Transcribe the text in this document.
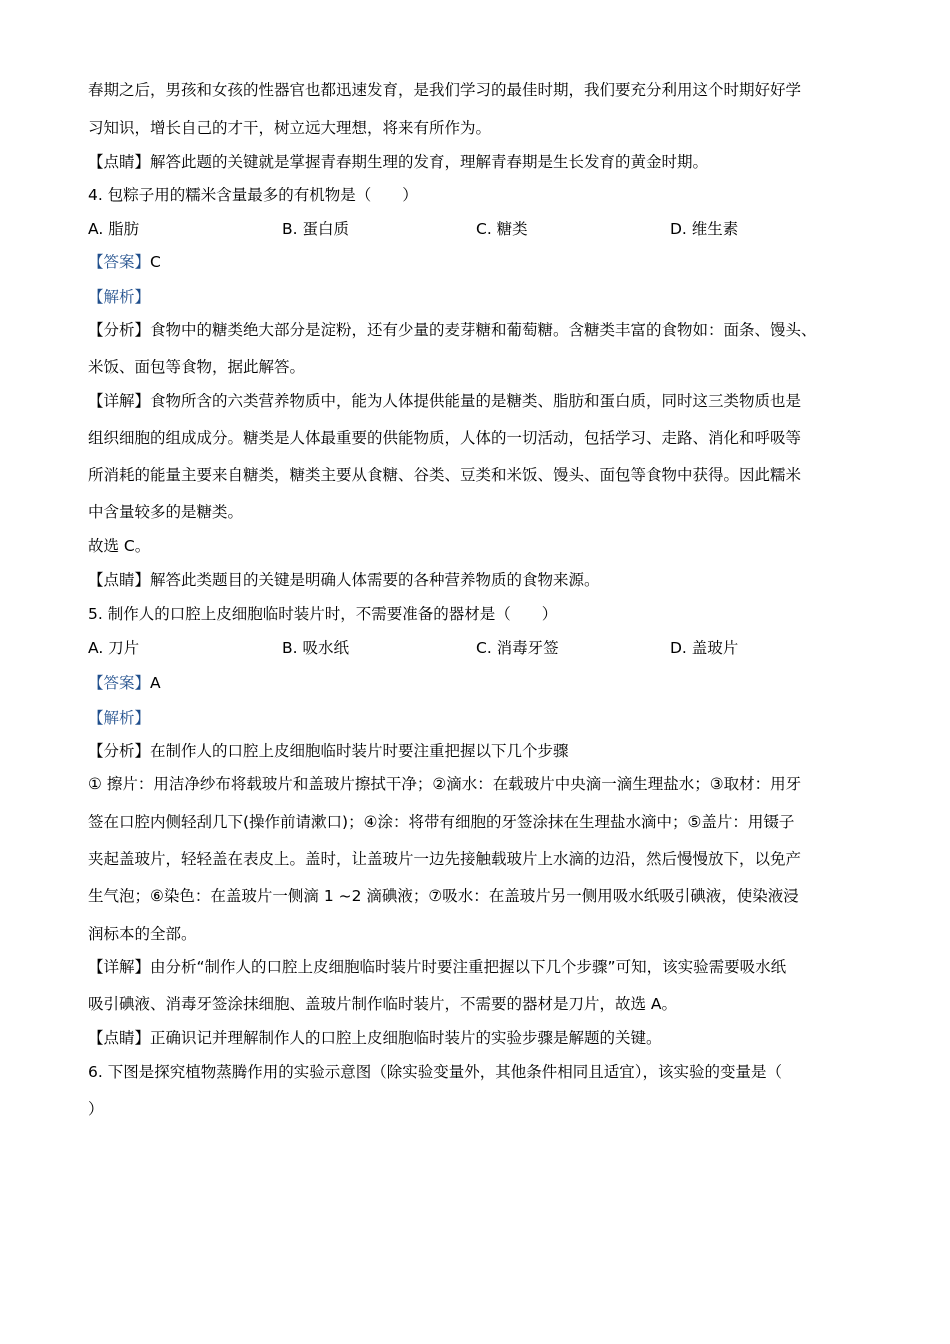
春期之后，男孩和女孩的性器官也都迅速发育，是我们学习的最佳时期，我们要充分利用这个时期好好学
习知识，增长自己的才干，树立远大理想，将来有所作为。
【点睛】解答此题的关键就是掌握青春期生理的发育，理解青春期是生长发育的黄金时期。
4. 包粽子用的糯米含量最多的有机物是（　　）
A. 脂肪	B. 蛋白质	C. 糖类	D. 维生素
【答案】C
【解析】
【分析】食物中的糖类绝大部分是淀粉，还有少量的麦芽糖和葡萄糖。含糖类丰富的食物如：面条、馒头、
米饭、面包等食物，据此解答。
【详解】食物所含的六类营养物质中，能为人体提供能量的是糖类、脂肪和蛋白质，同时这三类物质也是
组织细胞的组成成分。糖类是人体最重要的供能物质，人体的一切活动，包括学习、走路、消化和呼吸等
所消耗的能量主要来自糖类，糖类主要从食糖、谷类、豆类和米饭、馒头、面包等食物中获得。因此糯米
中含量较多的是糖类。
故选 C。
【点睛】解答此类题目的关键是明确人体需要的各种营养物质的食物来源。
5. 制作人的口腔上皮细胞临时装片时，不需要准备的器材是（　　）
A. 刀片	B. 吸水纸	C. 消毒牙签	D. 盖玻片
【答案】A
【解析】
【分析】在制作人的口腔上皮细胞临时装片时要注重把握以下几个步骤
① 擦片：用洁净纱布将载玻片和盖玻片擦拭干净；②滴水：在载玻片中央滴一滴生理盐水；③取材：用牙
签在口腔内侧轻刮几下(操作前请漱口)；④涂：将带有细胞的牙签涂抹在生理盐水滴中；⑤盖片：用镊子
夹起盖玻片，轻轻盖在表皮上。盖时，让盖玻片一边先接触载玻片上水滴的边沿，然后慢慢放下，以免产
生气泡；⑥染色：在盖玻片一侧滴 1 ~2 滴碘液；⑦吸水：在盖玻片另一侧用吸水纸吸引碘液，使染液浸
润标本的全部。
【详解】由分析“制作人的口腔上皮细胞临时装片时要注重把握以下几个步骤”可知，该实验需要吸水纸
吸引碘液、消毒牙签涂抹细胞、盖玻片制作临时装片，不需要的器材是刀片，故选 A。
【点睛】正确识记并理解制作人的口腔上皮细胞临时装片的实验步骤是解题的关键。
6. 下图是探究植物蒸腾作用的实验示意图（除实验变量外，其他条件相同且适宜），该实验的变量是（
）
